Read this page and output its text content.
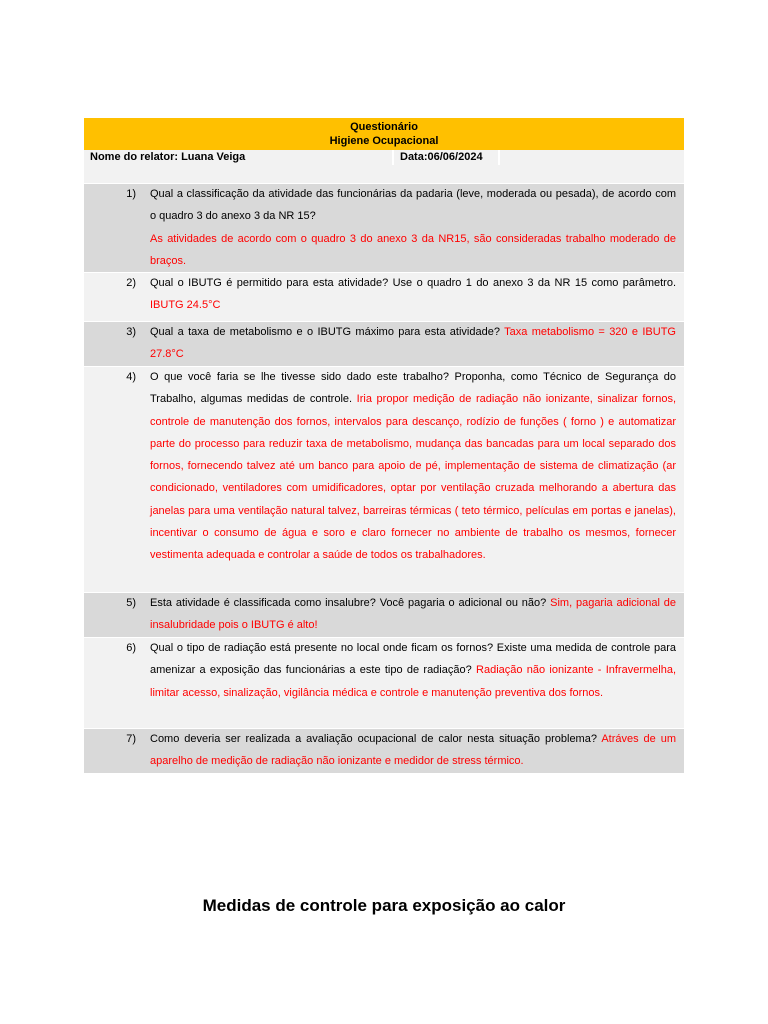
Questionário
Higiene Ocupacional
Nome do relator: Luana Veiga	Data:06/06/2024
1) Qual a classificação da atividade das funcionárias da padaria (leve, moderada ou pesada), de acordo com o quadro 3 do anexo 3 da NR 15?
As atividades de acordo com o quadro 3 do anexo 3 da NR15, são consideradas trabalho moderado de braços.
2) Qual o IBUTG é permitido para esta atividade? Use o quadro 1 do anexo 3 da NR 15 como parâmetro. IBUTG 24.5°C
3) Qual a taxa de metabolismo e o IBUTG máximo para esta atividade? Taxa metabolismo = 320 e IBUTG 27.8°C
4) O que você faria se lhe tivesse sido dado este trabalho? Proponha, como Técnico de Segurança do Trabalho, algumas medidas de controle. Iria propor medição de radiação não ionizante, sinalizar fornos, controle de manutenção dos fornos, intervalos para descanço, rodízio de funções ( forno ) e automatizar parte do processo para reduzir taxa de metabolismo, mudança das bancadas para um local separado dos fornos, fornecendo talvez até um banco para apoio de pé, implementação de sistema de climatização (ar condicionado, ventiladores com umidificadores, optar por ventilação cruzada melhorando a abertura das janelas para uma ventilação natural talvez, barreiras térmicas ( teto térmico, películas em portas e janelas), incentivar o consumo de água e soro e claro fornecer no ambiente de trabalho os mesmos, fornecer vestimenta adequada e controlar a saúde de todos os trabalhadores.
5) Esta atividade é classificada como insalubre? Você pagaria o adicional ou não? Sim, pagaria adicional de insalubridade pois o IBUTG é alto!
6) Qual o tipo de radiação está presente no local onde ficam os fornos? Existe uma medida de controle para amenizar a exposição das funcionárias a este tipo de radiação? Radiação não ionizante - Infravermelha, limitar acesso, sinalização, vigilância médica e controle e manutenção preventiva dos fornos.
7) Como deveria ser realizada a avaliação ocupacional de calor nesta situação problema? Atráves de um aparelho de medição de radiação não ionizante e medidor de stress térmico.
Medidas de controle para exposição ao calor
